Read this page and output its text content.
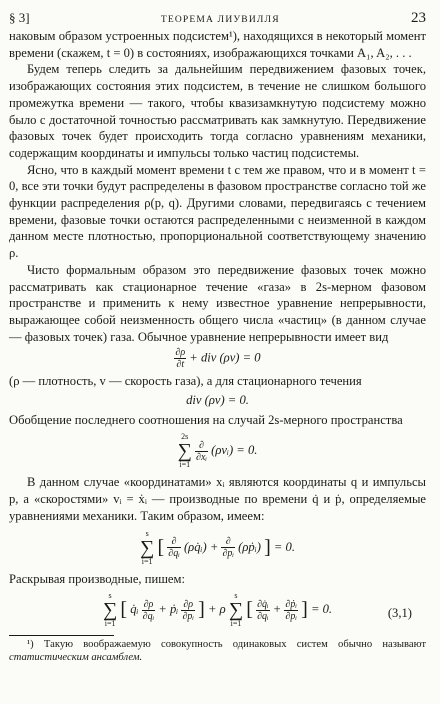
§ 3]	ТЕОРЕМА ЛИУВИЛЛЯ	23

наковым образом устроенных подсистем¹), находящихся в некоторый момент времени (скажем, t = 0) в состояниях, изображающихся точками A₁, A₂, . . .

Будем теперь следить за дальнейшим передвижением фазовых точек, изображающих состояния этих подсистем, в течение не слишком большого промежутка времени — такого, чтобы квазизамкнутую подсистему можно было с достаточной точностью рассматривать как замкнутую. Передвижение фазовых точек будет происходить тогда согласно уравнениям механики, содержащим координаты и импульсы только частиц подсистемы.

Ясно, что в каждый момент времени t с тем же правом, что и в момент t = 0, все эти точки будут распределены в фазовом пространстве согласно той же функции распределения ρ(p, q). Другими словами, передвигаясь с течением времени, фазовые точки остаются распределенными с неизменной в каждом данном месте плотностью, пропорциональной соответствующему значению ρ.

Чисто формальным образом это передвижение фазовых точек можно рассматривать как стационарное течение «газа» в 2s-мерном фазовом пространстве и применить к нему известное уравнение непрерывности, выражающее собой неизменность общего числа «частиц» (в данном случае — фазовых точек) газа. Обычное уравнение непрерывности имеет вид

$\frac{\partial\rho}{\partial t}$ + div (ρv) = 0

(ρ — плотность, v — скорость газа), а для стационарного течения

div (ρv) = 0.

Обобщение последнего соотношения на случай 2s-мерного пространства

2s
∑
i=1

$\frac{\partial}{\text{∂xᵢ}}$ (ρvᵢ) = 0.

В данном случае «координатами» xᵢ являются координаты q и импульсы p, а «скоростями» vᵢ = ẋᵢ — производные по времени q̇ и ṗ, определяемые уравнениями механики. Таким образом, имеем:

s
∑
i=1
[ $\frac{\partial}{\text{∂qᵢ}}$ (ρq̇ᵢ) + $\frac{\partial}{\text{∂pᵢ}}$ (ρṗᵢ) ] = 0.

Раскрывая производные, пишем:

s
∑
i=1
[ q̇ᵢ $\frac{\partial\rho}{\text{∂qᵢ}}$ + ṗᵢ $\frac{\partial\rho}{\text{∂pᵢ}}$ ] + ρ
s
∑
i=1
[ $\frac{\text{∂q̇ᵢ}}{\text{∂qᵢ}} + \frac{\text{∂ṗᵢ}}{\text{∂pᵢ}}$ ] = 0.	(3,1)

¹) Такую воображаемую совокупность одинаковых систем обычно называют статистическим ансамблем.
